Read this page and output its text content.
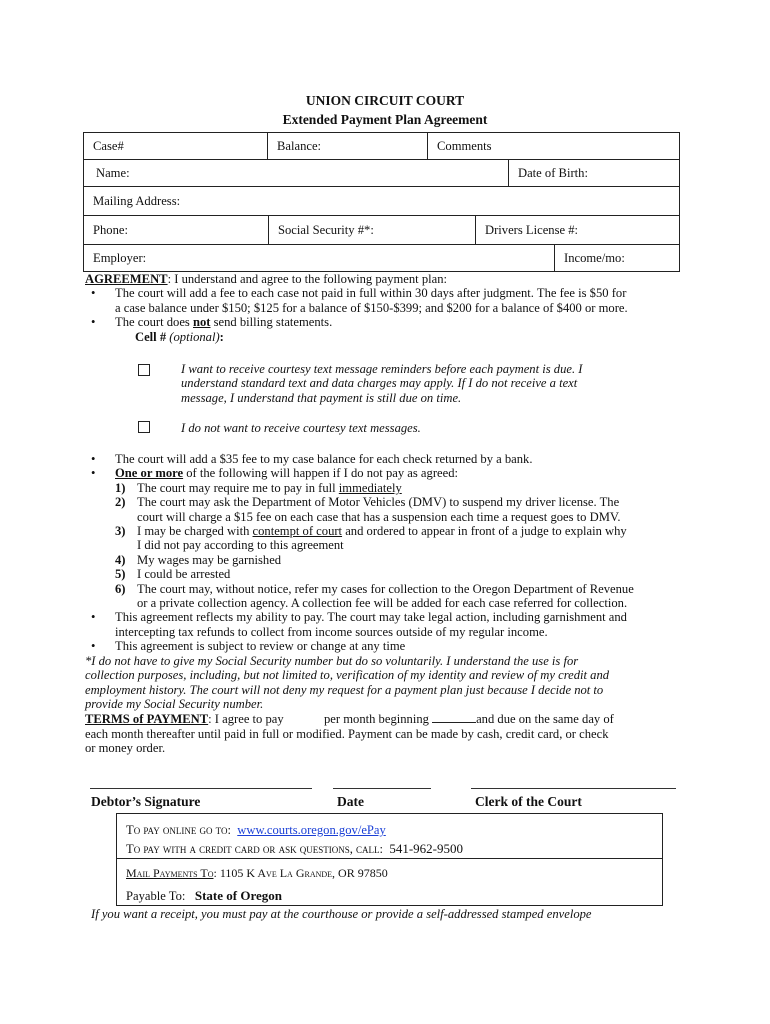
UNION CIRCUIT COURT
Extended Payment Plan Agreement
Case#	Balance:	Comments
Name:	Date of Birth:
Mailing Address:
Phone:	Social Security #*:	Drivers License #:
Employer:	Income/mo:
AGREEMENT: I understand and agree to the following payment plan:
• The court will add a fee to each case not paid in full within 30 days after judgment. The fee is $50 for
a case balance under $150; $125 for a balance of $150-$399; and $200 for a balance of $400 or more.
• The court does not send billing statements.
Cell # (optional):
I want to receive courtesy text message reminders before each payment is due. I
understand standard text and data charges may apply. If I do not receive a text
message, I understand that payment is still due on time.
I do not want to receive courtesy text messages.
• The court will add a $35 fee to my case balance for each check returned by a bank.
• One or more of the following will happen if I do not pay as agreed:
1) The court may require me to pay in full immediately
2) The court may ask the Department of Motor Vehicles (DMV) to suspend my driver license. The
court will charge a $15 fee on each case that has a suspension each time a request goes to DMV.
3) I may be charged with contempt of court and ordered to appear in front of a judge to explain why
I did not pay according to this agreement
4) My wages may be garnished
5) I could be arrested
6) The court may, without notice, refer my cases for collection to the Oregon Department of Revenue
or a private collection agency. A collection fee will be added for each case referred for collection.
• This agreement reflects my ability to pay. The court may take legal action, including garnishment and
intercepting tax refunds to collect from income sources outside of my regular income.
• This agreement is subject to review or change at any time
*I do not have to give my Social Security number but do so voluntarily. I understand the use is for
collection purposes, including, but not limited to, verification of my identity and review of my credit and
employment history. The court will not deny my request for a payment plan just because I decide not to
provide my Social Security number.
TERMS of PAYMENT: I agree to pay	per month beginning	and due on the same day of
each month thereafter until paid in full or modified. Payment can be made by cash, credit card, or check
or money order.
Debtor’s Signature	Date	Clerk of the Court
To pay online go to: www.courts.oregon.gov/ePay
To pay with a credit card or ask questions, call: 541-962-9500
Mail Payments To: 1105 K Ave La Grande, OR 97850
Payable To: State of Oregon
If you want a receipt, you must pay at the courthouse or provide a self-addressed stamped envelope
